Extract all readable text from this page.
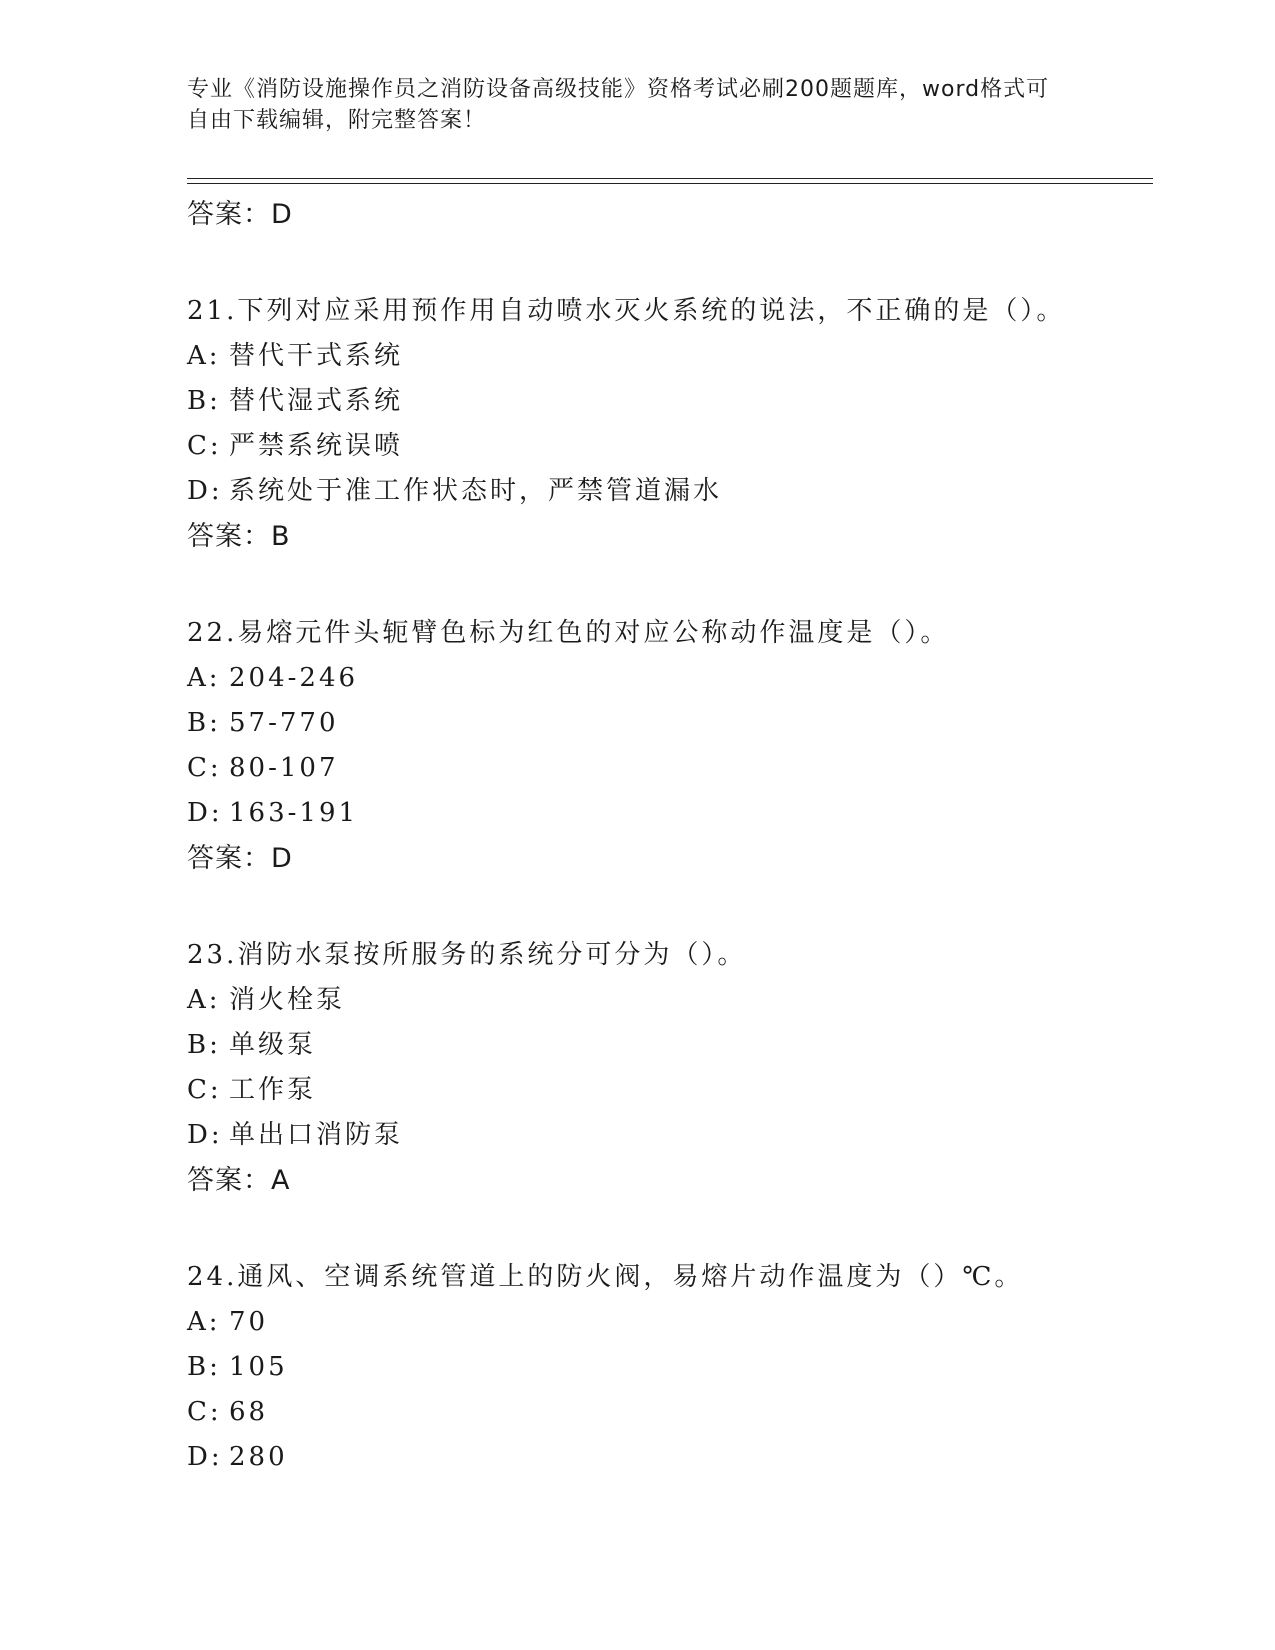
专业《消防设施操作员之消防设备高级技能》资格考试必刷200题题库，word格式可自由下载编辑，附完整答案！
答案：D
21.下列对应采用预作用自动喷水灭火系统的说法，不正确的是（）。
A: 替代干式系统
B: 替代湿式系统
C: 严禁系统误喷
D: 系统处于准工作状态时，严禁管道漏水
答案：B
22.易熔元件头轭臂色标为红色的对应公称动作温度是（）。
A: 204-246
B: 57-770
C: 80-107
D: 163-191
答案：D
23.消防水泵按所服务的系统分可分为（）。
A: 消火栓泵
B: 单级泵
C: 工作泵
D: 单出口消防泵
答案：A
24.通风、空调系统管道上的防火阀，易熔片动作温度为（）℃。
A: 70
B: 105
C: 68
D: 280
